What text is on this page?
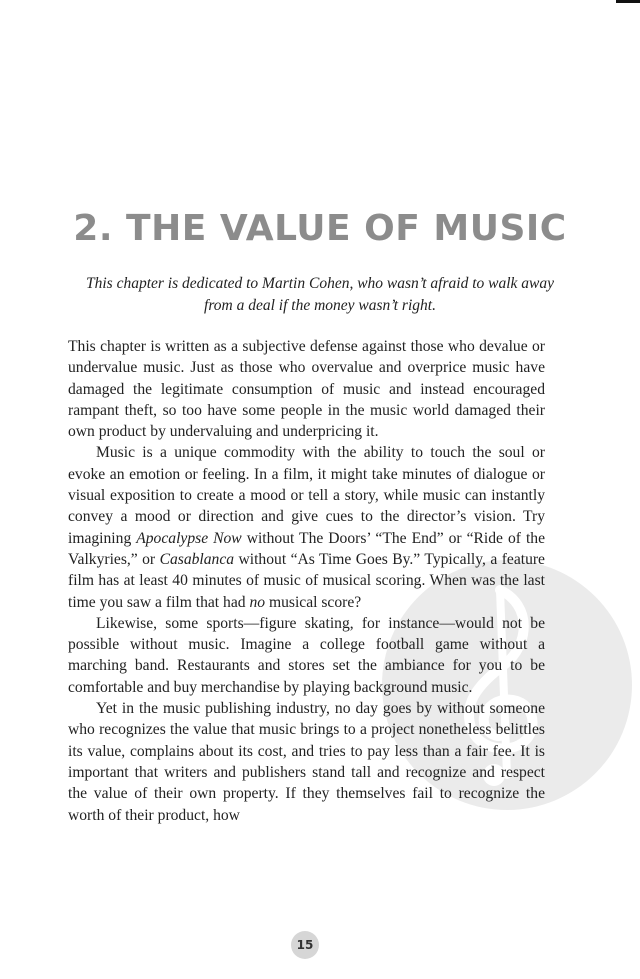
2. THE VALUE OF MUSIC

This chapter is dedicated to Martin Cohen, who wasn’t afraid to walk away from a deal if the money wasn’t right.

This chapter is written as a subjective defense against those who devalue or undervalue music. Just as those who overvalue and overprice music have damaged the legitimate consumption of music and instead encouraged rampant theft, so too have some people in the music world damaged their own product by undervaluing and underpricing it.

Music is a unique commodity with the ability to touch the soul or evoke an emotion or feeling. In a film, it might take minutes of dialogue or visual exposition to create a mood or tell a story, while music can instantly convey a mood or direction and give cues to the director’s vision. Try imagining Apocalypse Now without The Doors’ “The End” or “Ride of the Valkyries,” or Casablanca without “As Time Goes By.” Typically, a feature film has at least 40 minutes of music of musical scoring. When was the last time you saw a film that had no musical score?

Likewise, some sports—figure skating, for instance—would not be possible without music. Imagine a college football game without a marching band. Restaurants and stores set the ambiance for you to be comfortable and buy merchandise by playing background music.

Yet in the music publishing industry, no day goes by without someone who recognizes the value that music brings to a project nonetheless belittles its value, complains about its cost, and tries to pay less than a fair fee. It is important that writers and publishers stand tall and recognize and respect the value of their own property. If they themselves fail to recognize the worth of their product, how

15
